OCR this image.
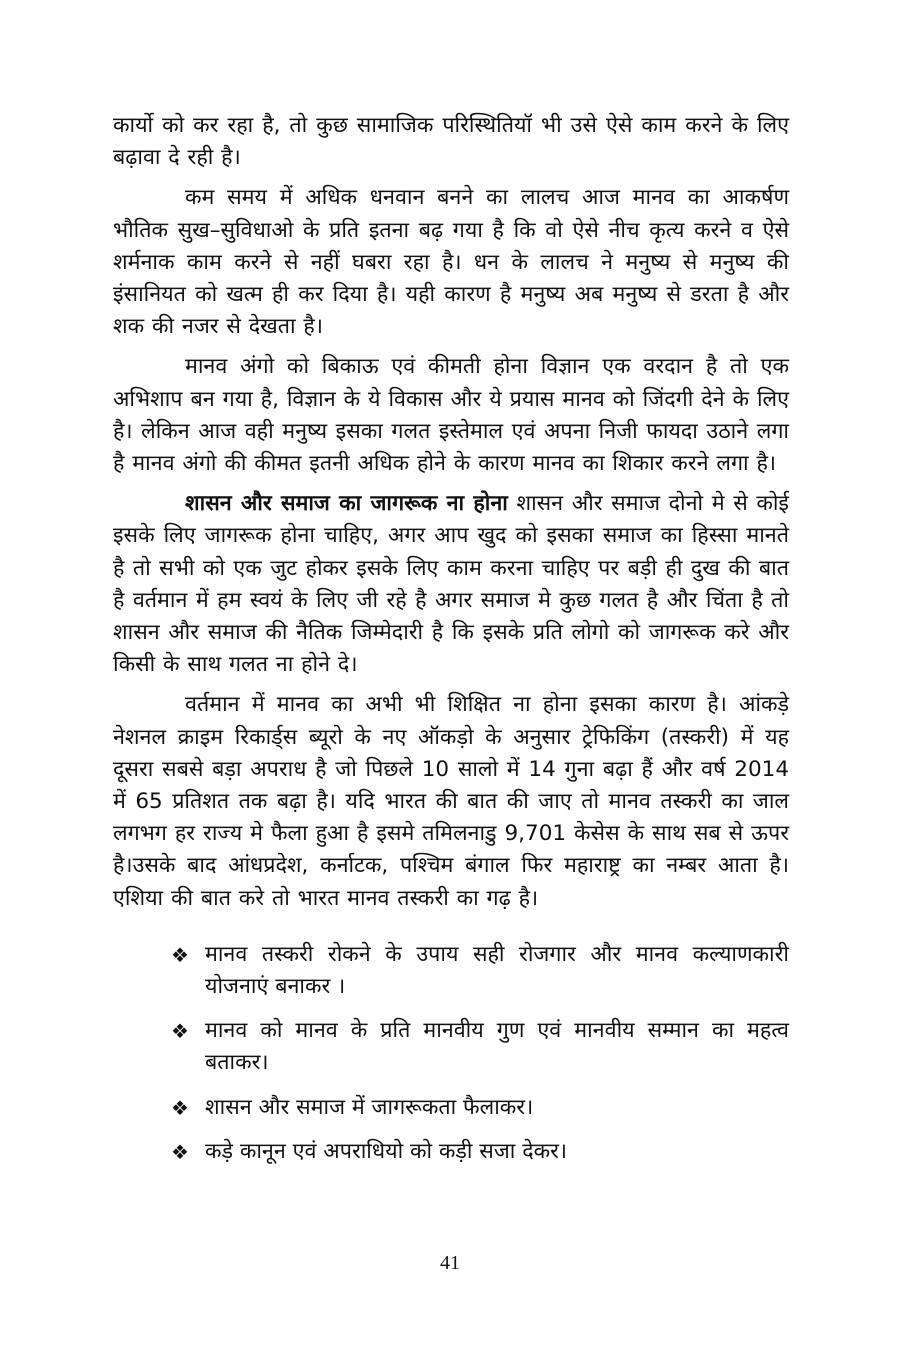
कार्यो को कर रहा है, तो कुछ सामाजिक परिस्थितियॉ भी उसे ऐसे काम करने के लिए बढ़ावा दे रही है।

कम समय में अधिक धनवान बनने का लालच आज मानव का आकर्षण भौतिक सुख–सुविधाओ के प्रति इतना बढ़ गया है कि वो ऐसे नीच कृत्य करने व ऐसे शर्मनाक काम करने से नहीं घबरा रहा है। धन के लालच ने मनुष्य से मनुष्य की इंसानियत को खत्म ही कर दिया है। यही कारण है मनुष्य अब मनुष्य से डरता है और शक की नजर से देखता है।

मानव अंगो को बिकाऊ एवं कीमती होना विज्ञान एक वरदान है तो एक अभिशाप बन गया है, विज्ञान के ये विकास और ये प्रयास मानव को जिंदगी देने के लिए है। लेकिन आज वही मनुष्य इसका गलत इस्तेमाल एवं अपना निजी फायदा उठाने लगा है मानव अंगो की कीमत इतनी अधिक होने के कारण मानव का शिकार करने लगा है।

शासन और समाज का जागरूक ना होना शासन और समाज दोनो मे से कोई इसके लिए जागरूक होना चाहिए, अगर आप खुद को इसका समाज का हिस्सा मानते है तो सभी को एक जुट होकर इसके लिए काम करना चाहिए पर बड़ी ही दुख की बात है वर्तमान में हम स्वयं के लिए जी रहे है अगर समाज मे कुछ गलत है और चिंता है तो शासन और समाज की नैतिक जिम्मेदारी है कि इसके प्रति लोगो को जागरूक करे और किसी के साथ गलत ना होने दे।

वर्तमान में मानव का अभी भी शिक्षित ना होना इसका कारण है। आंकड़े नेशनल क्राइम रिकार्ड्स ब्यूरो के नए ऑकड़ो के अनुसार ट्रेफिकिंग (तस्करी) में यह दूसरा सबसे बड़ा अपराध है जो पिछले 10 सालो में 14 गुना बढ़ा हैं और वर्ष 2014 में 65 प्रतिशत तक बढ़ा है। यदि भारत की बात की जाए तो मानव तस्करी का जाल लगभग हर राज्य मे फैला हुआ है इसमे तमिलनाडु 9,701 केसेस के साथ सब से ऊपर है।उसके बाद आंधप्रदेश, कर्नाटक, पश्चिम बंगाल फिर महाराष्ट्र का नम्बर आता है। एशिया की बात करे तो भारत मानव तस्करी का गढ़ है।

❖ मानव तस्करी रोकने के उपाय सही रोजगार और मानव कल्याणकारी योजनाएं बनाकर ।
❖ मानव को मानव के प्रति मानवीय गुण एवं मानवीय सम्मान का महत्व बताकर।
❖ शासन और समाज में जागरूकता फैलाकर।
❖ कड़े कानून एवं अपराधियो को कड़ी सजा देकर।
41
